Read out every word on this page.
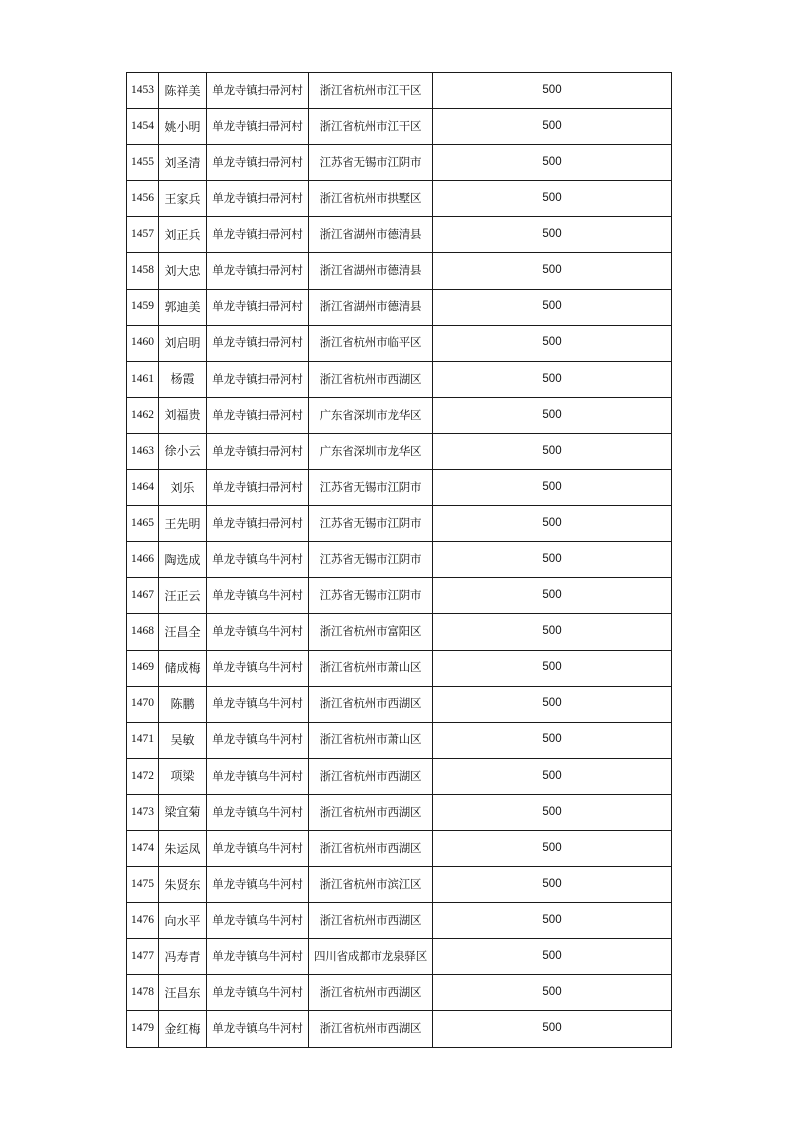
1453	陈祥美	单龙寺镇扫帚河村	浙江省杭州市江干区	500
1454	姚小明	单龙寺镇扫帚河村	浙江省杭州市江干区	500
1455	刘圣清	单龙寺镇扫帚河村	江苏省无锡市江阴市	500
1456	王家兵	单龙寺镇扫帚河村	浙江省杭州市拱墅区	500
1457	刘正兵	单龙寺镇扫帚河村	浙江省湖州市德清县	500
1458	刘大忠	单龙寺镇扫帚河村	浙江省湖州市德清县	500
1459	郭迪美	单龙寺镇扫帚河村	浙江省湖州市德清县	500
1460	刘启明	单龙寺镇扫帚河村	浙江省杭州市临平区	500
1461	杨霞	单龙寺镇扫帚河村	浙江省杭州市西湖区	500
1462	刘福贵	单龙寺镇扫帚河村	广东省深圳市龙华区	500
1463	徐小云	单龙寺镇扫帚河村	广东省深圳市龙华区	500
1464	刘乐	单龙寺镇扫帚河村	江苏省无锡市江阴市	500
1465	王先明	单龙寺镇扫帚河村	江苏省无锡市江阴市	500
1466	陶选成	单龙寺镇乌牛河村	江苏省无锡市江阴市	500
1467	汪正云	单龙寺镇乌牛河村	江苏省无锡市江阴市	500
1468	汪昌全	单龙寺镇乌牛河村	浙江省杭州市富阳区	500
1469	储成梅	单龙寺镇乌牛河村	浙江省杭州市萧山区	500
1470	陈鹏	单龙寺镇乌牛河村	浙江省杭州市西湖区	500
1471	吴敏	单龙寺镇乌牛河村	浙江省杭州市萧山区	500
1472	项梁	单龙寺镇乌牛河村	浙江省杭州市西湖区	500
1473	梁宜菊	单龙寺镇乌牛河村	浙江省杭州市西湖区	500
1474	朱运凤	单龙寺镇乌牛河村	浙江省杭州市西湖区	500
1475	朱贤东	单龙寺镇乌牛河村	浙江省杭州市滨江区	500
1476	向水平	单龙寺镇乌牛河村	浙江省杭州市西湖区	500
1477	冯寿青	单龙寺镇乌牛河村	四川省成都市龙泉驿区	500
1478	汪昌东	单龙寺镇乌牛河村	浙江省杭州市西湖区	500
1479	金红梅	单龙寺镇乌牛河村	浙江省杭州市西湖区	500
